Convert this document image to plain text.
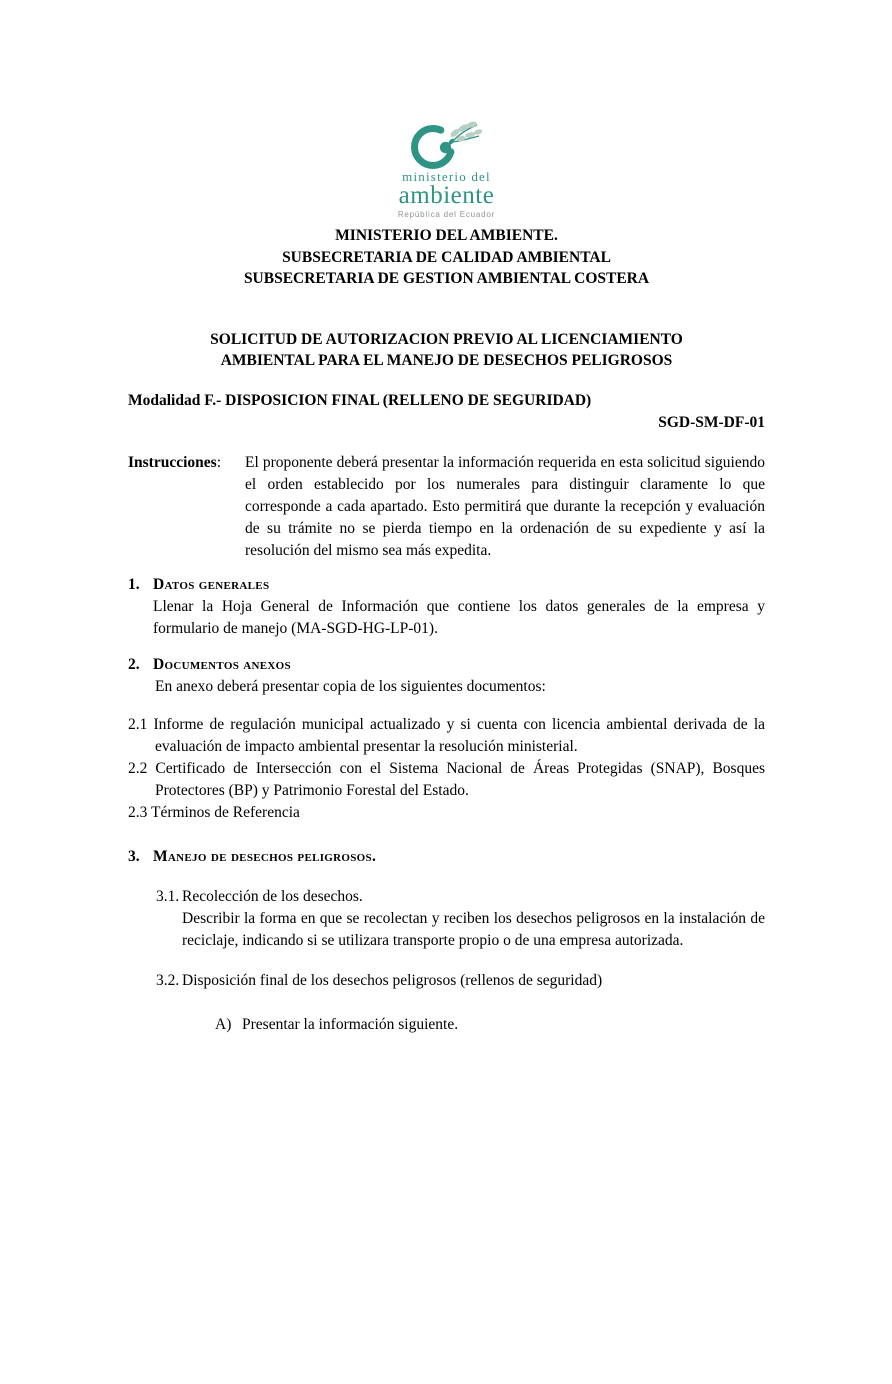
ministerio del
ambiente
República del Ecuador

MINISTERIO DEL AMBIENTE.

SUBSECRETARIA DE CALIDAD AMBIENTAL

SUBSECRETARIA DE GESTION AMBIENTAL COSTERA

SOLICITUD DE AUTORIZACION PREVIO AL LICENCIAMIENTO

AMBIENTAL PARA EL MANEJO DE DESECHOS PELIGROSOS

Modalidad F.- DISPOSICION FINAL (RELLENO DE SEGURIDAD)

SGD-SM-DF-01

Instrucciones:	El proponente deberá presentar la información requerida en esta solicitud siguiendo el orden establecido por los numerales para distinguir claramente lo que corresponde a cada apartado. Esto permitirá que durante la recepción y evaluación de su trámite no se pierda tiempo en la ordenación de su expediente y así la resolución del mismo sea más expedita.

1. Datos generales

Llenar la Hoja General de Información que contiene los datos generales de la empresa y formulario de manejo (MA-SGD-HG-LP-01).

2. Documentos anexos

En anexo deberá presentar copia de los siguientes documentos:

2.1 Informe de regulación municipal actualizado y si cuenta con licencia ambiental derivada de la evaluación de impacto ambiental presentar la resolución ministerial.

2.2 Certificado de Intersección con el Sistema Nacional de Áreas Protegidas (SNAP), Bosques Protectores (BP) y Patrimonio Forestal del Estado.

2.3 Términos de Referencia

3. Manejo de desechos peligrosos.
3.1. Recolección de los desechos.

Describir la forma en que se recolectan y reciben los desechos peligrosos en la instalación de reciclaje, indicando si se utilizara transporte propio o de una empresa autorizada.

3.2. Disposición final de los desechos peligrosos (rellenos de seguridad)
A) Presentar la información siguiente.
